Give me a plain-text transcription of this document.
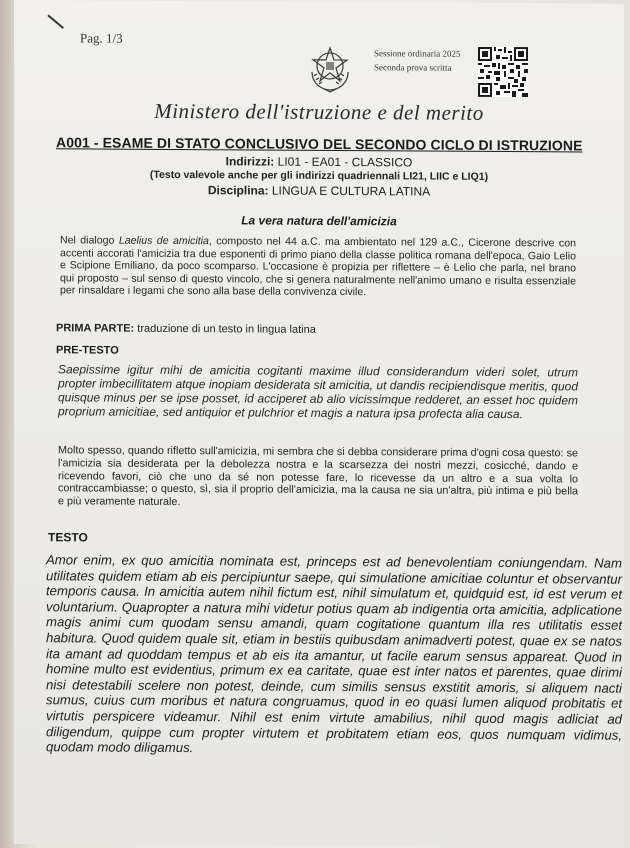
Pag. 1/3
Sessione ordinaria 2025
Seconda prova scritta
Ministero dell'istruzione e del merito
A001 - ESAME DI STATO CONCLUSIVO DEL SECONDO CICLO DI ISTRUZIONE
Indirizzi: LI01 - EA01 - CLASSICO
(Testo valevole anche per gli indirizzi quadriennali LI21, LIIC e LIQ1)
Disciplina: LINGUA E CULTURA LATINA
La vera natura dell'amicizia
Nel dialogo Laelius de amicitia, composto nel 44 a.C. ma ambientato nel 129 a.C., Cicerone descrive con accenti accorati l'amicizia tra due esponenti di primo piano della classe politica romana dell'epoca, Gaio Lelio e Scipione Emiliano, da poco scomparso. L'occasione è propizia per riflettere – è Lelio che parla, nel brano qui proposto – sul senso di questo vincolo, che si genera naturalmente nell'animo umano e risulta essenziale per rinsaldare i legami che sono alla base della convivenza civile.
PRIMA PARTE: traduzione di un testo in lingua latina
PRE-TESTO
Saepissime igitur mihi de amicitia cogitanti maxime illud considerandum videri solet, utrum propter imbecillitatem atque inopiam desiderata sit amicitia, ut dandis recipiendisque meritis, quod quisque minus per se ipse posset, id acciperet ab alio vicissimque redderet, an esset hoc quidem proprium amicitiae, sed antiquior et pulchrior et magis a natura ipsa profecta alia causa.
Molto spesso, quando rifletto sull'amicizia, mi sembra che si debba considerare prima d'ogni cosa questo: se l'amicizia sia desiderata per la debolezza nostra e la scarsezza dei nostri mezzi, cosicché, dando e ricevendo favori, ciò che uno da sé non potesse fare, lo ricevesse da un altro e a sua volta lo contraccambiasse; o questo, sì, sia il proprio dell'amicizia, ma la causa ne sia un'altra, più intima e più bella e più veramente naturale.
TESTO
Amor enim, ex quo amicitia nominata est, princeps est ad benevolentiam coniungendam. Nam utilitates quidem etiam ab eis percipiuntur saepe, qui simulatione amicitiae coluntur et observantur temporis causa. In amicitia autem nihil fictum est, nihil simulatum et, quidquid est, id est verum et voluntarium. Quapropter a natura mihi videtur potius quam ab indigentia orta amicitia, adplicatione magis animi cum quodam sensu amandi, quam cogitatione quantum illa res utilitatis esset habitura. Quod quidem quale sit, etiam in bestiis quibusdam animadverti potest, quae ex se natos ita amant ad quoddam tempus et ab eis ita amantur, ut facile earum sensus appareat. Quod in homine multo est evidentius, primum ex ea caritate, quae est inter natos et parentes, quae dirimi nisi detestabili scelere non potest, deinde, cum similis sensus exstitit amoris, si aliquem nacti sumus, cuius cum moribus et natura congruamus, quod in eo quasi lumen aliquod probitatis et virtutis perspicere videamur. Nihil est enim virtute amabilius, nihil quod magis adliciat ad diligendum, quippe cum propter virtutem et probitatem etiam eos, quos numquam vidimus, quodam modo diligamus.
